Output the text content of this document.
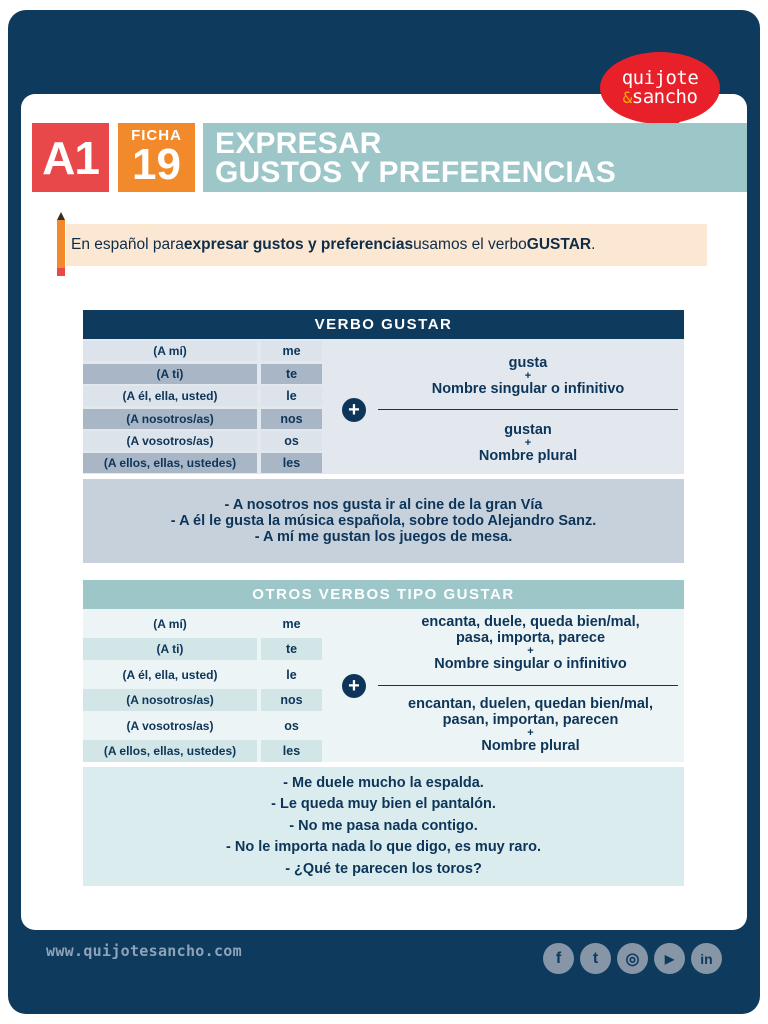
quijote
&sancho
A1	FICHA
19	EXPRESAR
GUSTOS Y PREFERENCIAS
En español para expresar gustos y preferencias usamos el verbo GUSTAR .
VERBO GUSTAR
(A mí)	me
(A ti)	te
(A él, ella, usted)	le
(A nosotros/as)	nos
(A vosotros/as)	os
(A ellos, ellas, ustedes)	les
+
gusta
+
Nombre singular o infinitivo
gustan
+
Nombre plural
- A nosotros nos gusta ir al cine de la gran Vía
- A él le gusta la música española, sobre todo Alejandro Sanz.
- A mí me gustan los juegos de mesa.
OTROS VERBOS TIPO GUSTAR
(A mí)	me
(A ti)	te
(A él, ella, usted)	le
(A nosotros/as)	nos
(A vosotros/as)	os
(A ellos, ellas, ustedes)	les
+
encanta, duele, queda bien/mal,
pasa, importa, parece
+
Nombre singular o infinitivo
encantan, duelen, quedan bien/mal,
pasan, importan, parecen
+
Nombre plural
- Me duele mucho la espalda.
- Le queda muy bien el pantalón.
- No me pasa nada contigo.
- No le importa nada lo que digo, es muy raro.
- ¿Qué te parecen los toros?
www.quijotesancho.com	f	t	◎	▶	in
